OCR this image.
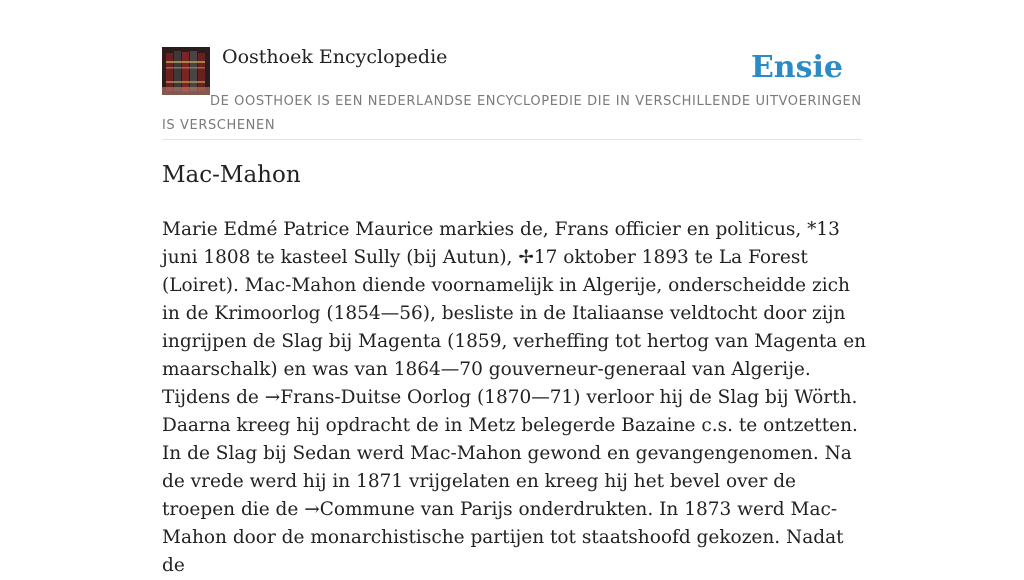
Oosthoek Encyclopedie	Ensie
DE OOSTHOEK IS EEN NEDERLANDSE ENCYCLOPEDIE DIE IN VERSCHILLENDE UITVOERINGEN IS VERSCHENEN
Mac-Mahon

Marie Edmé Patrice Maurice markies de, Frans officier en politicus, *13 juni 1808 te kasteel Sully (bij Autun), ✢17 oktober 1893 te La Forest (Loiret). Mac-Mahon diende voornamelijk in Algerije, onderscheidde zich in de Krimoorlog (1854—56), besliste in de Italiaanse veldtocht door zijn ingrijpen de Slag bij Magenta (1859, verheffing tot hertog van Magenta en maarschalk) en was van 1864—70 gouverneur-generaal van Algerije. Tijdens de →Frans-Duitse Oorlog (1870—71) verloor hij de Slag bij Wörth. Daarna kreeg hij opdracht de in Metz belegerde Bazaine c.s. te ontzetten. In de Slag bij Sedan werd Mac-Mahon gewond en gevangengenomen. Na de vrede werd hij in 1871 vrijgelaten en kreeg hij het bevel over de troepen die de →Commune van Parijs onderdrukten. In 1873 werd Mac-Mahon door de monarchistische partijen tot staatshoofd gekozen. Nadat de
